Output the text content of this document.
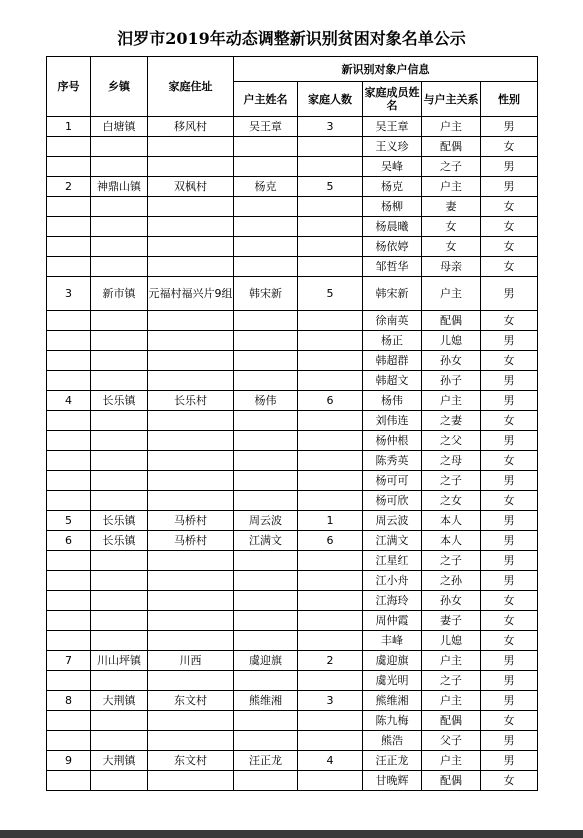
汨罗市2019年动态调整新识别贫困对象名单公示
序号	乡镇	家庭住址	新识别对象户信息				
			户主姓名	家庭人数	家庭成员姓名	与户主关系	性别
1	白塘镇	移风村	吴王章	3	吴王章	户主	男
					王义珍	配偶	女
					吴峰	之子	男
2	神鼎山镇	双枫村	杨克	5	杨克	户主	男
					杨柳	妻	女
					杨晨曦	女	女
					杨依婷	女	女
					邹哲华	母亲	女
3	新市镇	元福村福兴片9组	韩宋新	5	韩宋新	户主	男
					徐南英	配偶	女
					杨正	儿媳	男
					韩超群	孙女	女
					韩超文	孙子	男
4	长乐镇	长乐村	杨伟	6	杨伟	户主	男
					刘伟连	之妻	女
					杨仲根	之父	男
					陈秀英	之母	女
					杨可可	之子	男
					杨可欣	之女	女
5	长乐镇	马桥村	周云波	1	周云波	本人	男
6	长乐镇	马桥村	江满文	6	江满文	本人	男
					江星红	之子	男
					江小舟	之孙	男
					江海玲	孙女	女
					周仲霞	妻子	女
					丰峰	儿媳	女
7	川山坪镇	川西	虞迎旗	2	虞迎旗	户主	男
					虞光明	之子	男
8	大荆镇	东文村	熊维湘	3	熊维湘	户主	男
					陈九梅	配偶	女
					熊浩	父子	男
9	大荆镇	东文村	汪正龙	4	汪正龙	户主	男
					甘晚辉	配偶	女
